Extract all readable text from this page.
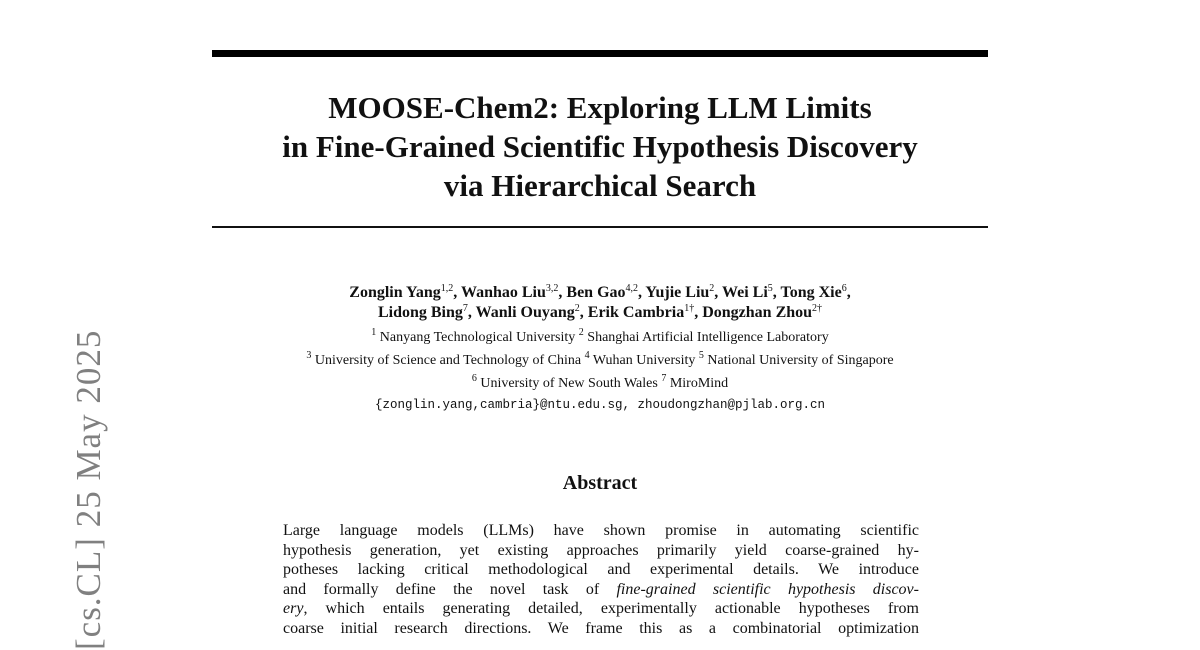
MOOSE-Chem2: Exploring LLM Limits
in Fine-Grained Scientific Hypothesis Discovery
via Hierarchical Search
Zonglin Yang$^{1,2}$, Wanhao Liu$^{3,2}$, Ben Gao$^{4,2}$, Yujie Liu$^2$, Wei Li$^5$, Tong Xie$^6$,
Lidong Bing$^7$, Wanli Ouyang$^2$, Erik Cambria$^{1\dagger}$, Dongzhan Zhou$^{2\dagger}$
$^1$ Nanyang Technological University $^2$ Shanghai Artificial Intelligence Laboratory
$^3$ University of Science and Technology of China $^4$ Wuhan University $^5$ National University of Singapore
$^6$ University of New South Wales $^7$ MiroMind
{zonglin.yang,cambria}@ntu.edu.sg, zhoudongzhan@pjlab.org.cn
Abstract
Large language models (LLMs) have shown promise in automating scientific
hypothesis generation, yet existing approaches primarily yield coarse-grained hy-
potheses lacking critical methodological and experimental details. We introduce
and formally define the novel task of fine-grained scientific hypothesis discov-
ery, which entails generating detailed, experimentally actionable hypotheses from
coarse initial research directions. We frame this as a combinatorial optimization
[cs.CL] 25 May 2025
